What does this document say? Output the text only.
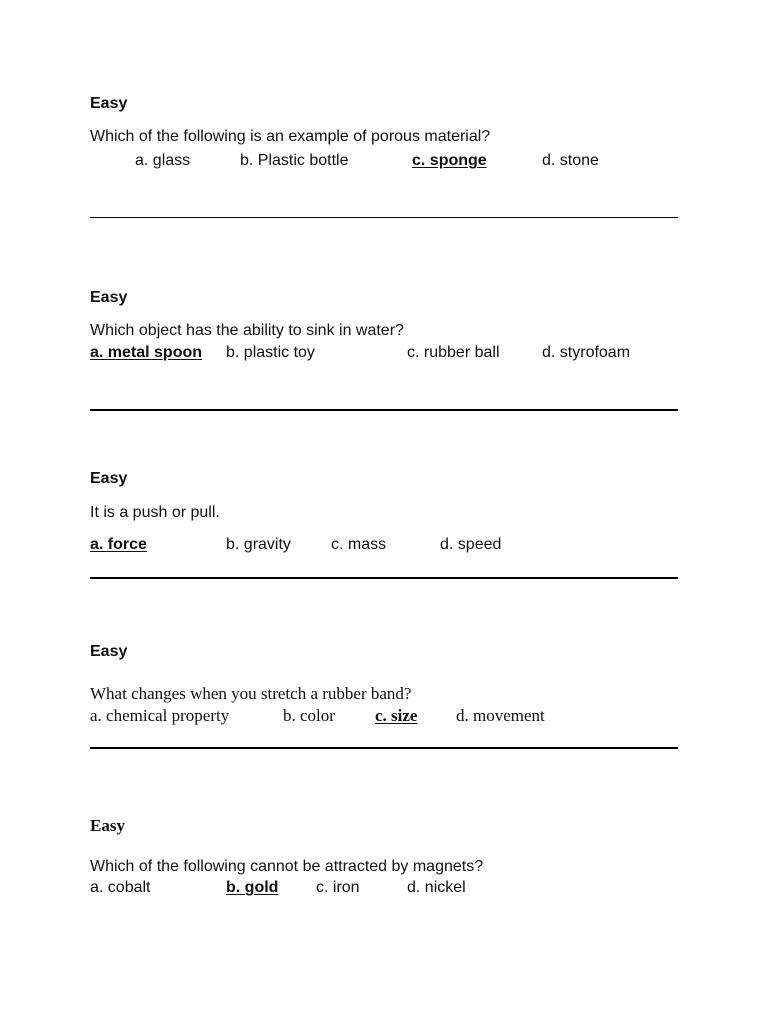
Easy
Which of the following is an example of porous material?
a. glass	b. Plastic bottle	c. sponge	d. stone
Easy
Which object has the ability to sink in water?
a. metal spoon b. plastic toy	c. rubber ball	d. styrofoam
Easy
It is a push or pull.
a. force	b. gravity	c. mass	d. speed
Easy
What changes when you stretch a rubber band?
a. chemical property	b. color c. size d. movement
Easy
Which of the following cannot be attracted by magnets?
a. cobalt	b. gold c. iron	d. nickel
